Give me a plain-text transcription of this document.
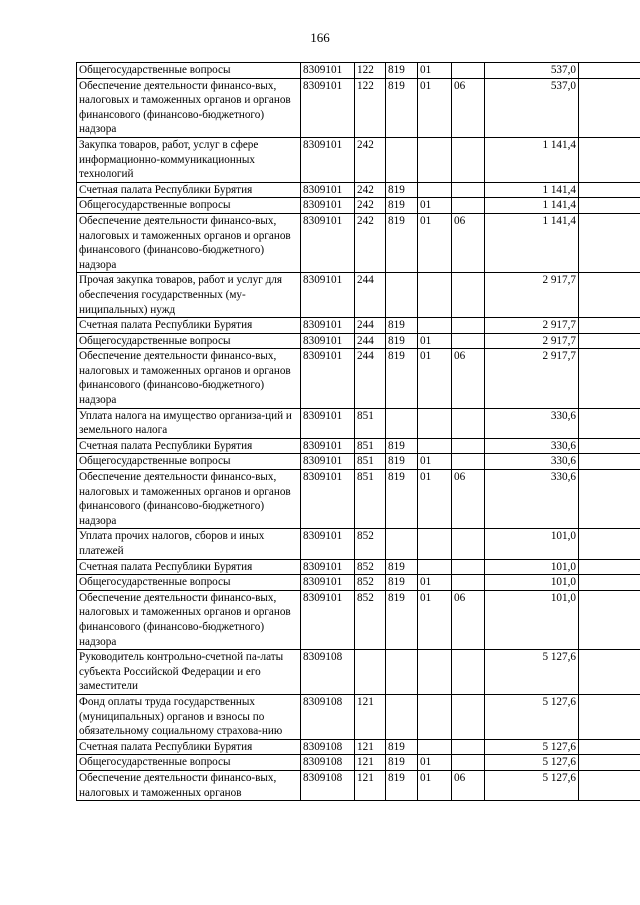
166
Общегосударственные вопросы	8309101	122	819	01		537,0	
Обеспечение деятельности финансо-вых, налоговых и таможенных органов и органов финансового (финансово-бюджетного) надзора	8309101	122	819	01	06	537,0	
Закупка товаров, работ, услуг в сфере информационно-коммуникационных технологий	8309101	242				1 141,4	
Счетная палата Республики Бурятия	8309101	242	819			1 141,4	
Общегосударственные вопросы	8309101	242	819	01		1 141,4	
Обеспечение деятельности финансо-вых, налоговых и таможенных органов и органов финансового (финансово-бюджетного) надзора	8309101	242	819	01	06	1 141,4	
Прочая закупка товаров, работ и услуг для обеспечения государственных (му-ниципальных) нужд	8309101	244				2 917,7	
Счетная палата Республики Бурятия	8309101	244	819			2 917,7	
Общегосударственные вопросы	8309101	244	819	01		2 917,7	
Обеспечение деятельности финансо-вых, налоговых и таможенных органов и органов финансового (финансово-бюджетного) надзора	8309101	244	819	01	06	2 917,7	
Уплата налога на имущество организа-ций и земельного налога	8309101	851				330,6	
Счетная палата Республики Бурятия	8309101	851	819			330,6	
Общегосударственные вопросы	8309101	851	819	01		330,6	
Обеспечение деятельности финансо-вых, налоговых и таможенных органов и органов финансового (финансово-бюджетного) надзора	8309101	851	819	01	06	330,6	
Уплата прочих налогов, сборов и иных платежей	8309101	852				101,0	
Счетная палата Республики Бурятия	8309101	852	819			101,0	
Общегосударственные вопросы	8309101	852	819	01		101,0	
Обеспечение деятельности финансо-вых, налоговых и таможенных органов и органов финансового (финансово-бюджетного) надзора	8309101	852	819	01	06	101,0	
Руководитель контрольно-счетной па-латы субъекта Российской Федерации и его заместители	8309108					5 127,6	
Фонд оплаты труда государственных (муниципальных) органов и взносы по обязательному социальному страхова-нию	8309108	121				5 127,6	
Счетная палата Республики Бурятия	8309108	121	819			5 127,6	
Общегосударственные вопросы	8309108	121	819	01		5 127,6	
Обеспечение деятельности финансо-вых, налоговых и таможенных органов	8309108	121	819	01	06	5 127,6	
